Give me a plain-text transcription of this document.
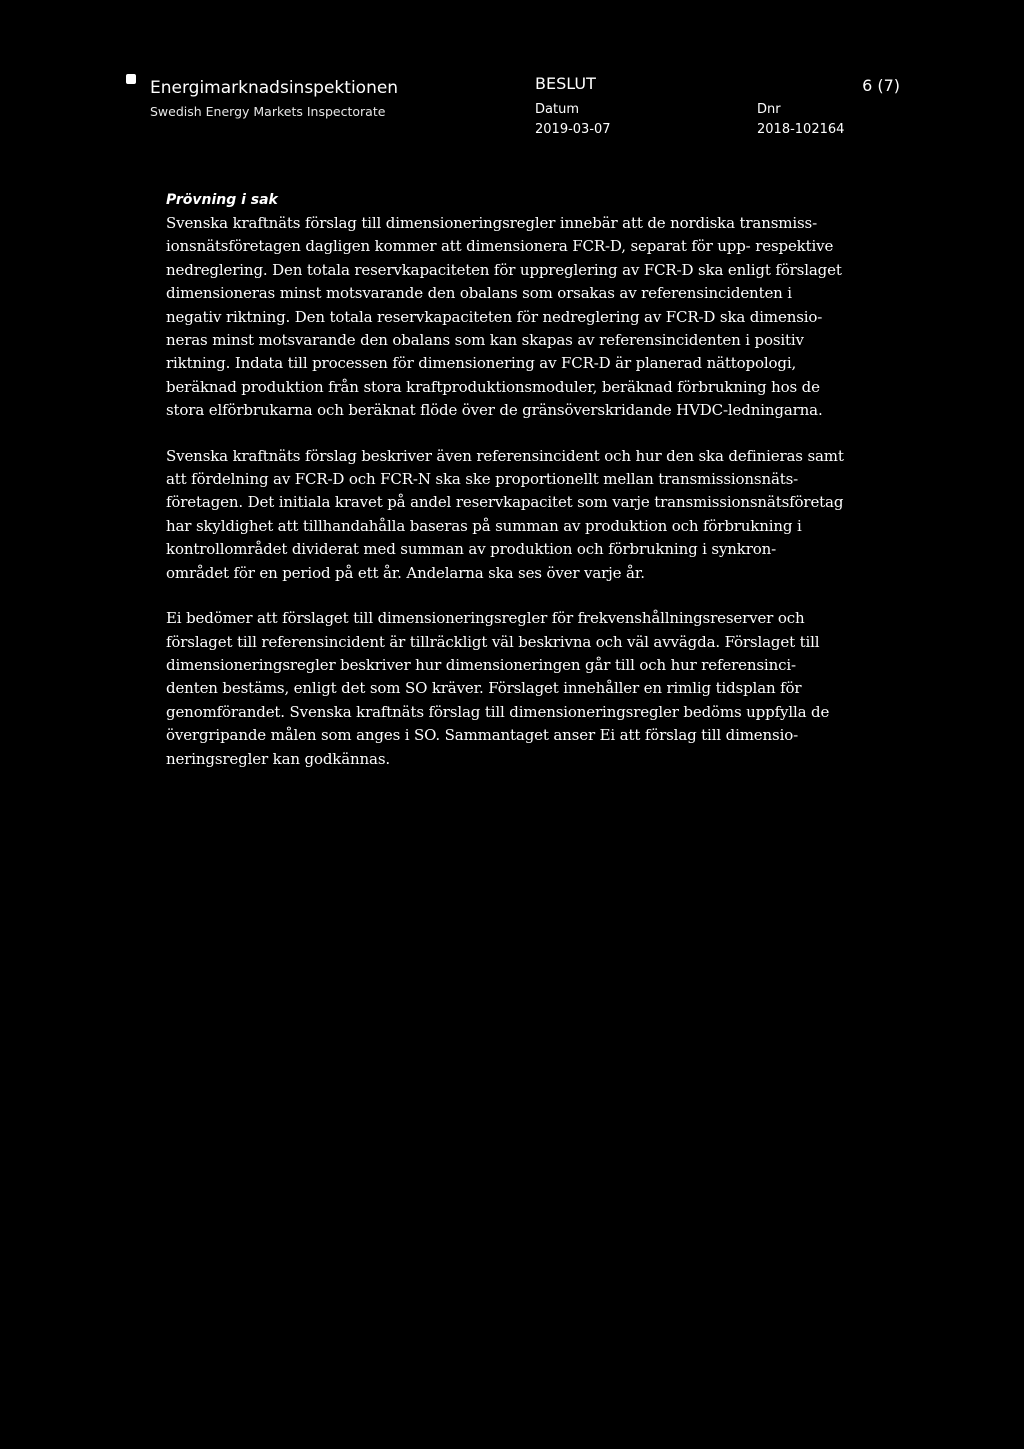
Energimarknadsinspektionen
Swedish Energy Markets Inspectorate
BESLUT	6 (7)
Datum
2019-03-07
Dnr
2018-102164
Prövning i sak

Svenska kraftnäts förslag till dimensioneringsregler innebär att de nordiska transmiss-
ionsnätsföretagen dagligen kommer att dimensionera FCR-D, separat för upp- respektive
nedreglering. Den totala reservkapaciteten för uppreglering av FCR-D ska enligt förslaget
dimensioneras minst motsvarande den obalans som orsakas av referensincidenten i
negativ riktning. Den totala reservkapaciteten för nedreglering av FCR-D ska dimensio-
neras minst motsvarande den obalans som kan skapas av referensincidenten i positiv
riktning. Indata till processen för dimensionering av FCR-D är planerad nättopologi,
beräknad produktion från stora kraftproduktionsmoduler, beräknad förbrukning hos de
stora elförbrukarna och beräknat flöde över de gränsöverskridande HVDC-ledningarna.

Svenska kraftnäts förslag beskriver även referensincident och hur den ska definieras samt
att fördelning av FCR-D och FCR-N ska ske proportionellt mellan transmissionsnäts-
företagen. Det initiala kravet på andel reservkapacitet som varje transmissionsnätsföretag
har skyldighet att tillhandahålla baseras på summan av produktion och förbrukning i
kontrollområdet dividerat med summan av produktion och förbrukning i synkron-
området för en period på ett år. Andelarna ska ses över varje år.

Ei bedömer att förslaget till dimensioneringsregler för frekvenshållningsreserver och
förslaget till referensincident är tillräckligt väl beskrivna och väl avvägda. Förslaget till
dimensioneringsregler beskriver hur dimensioneringen går till och hur referensinci-
denten bestäms, enligt det som SO kräver. Förslaget innehåller en rimlig tidsplan för
genomförandet. Svenska kraftnäts förslag till dimensioneringsregler bedöms uppfylla de
övergripande målen som anges i SO. Sammantaget anser Ei att förslag till dimensio-
neringsregler kan godkännas.
